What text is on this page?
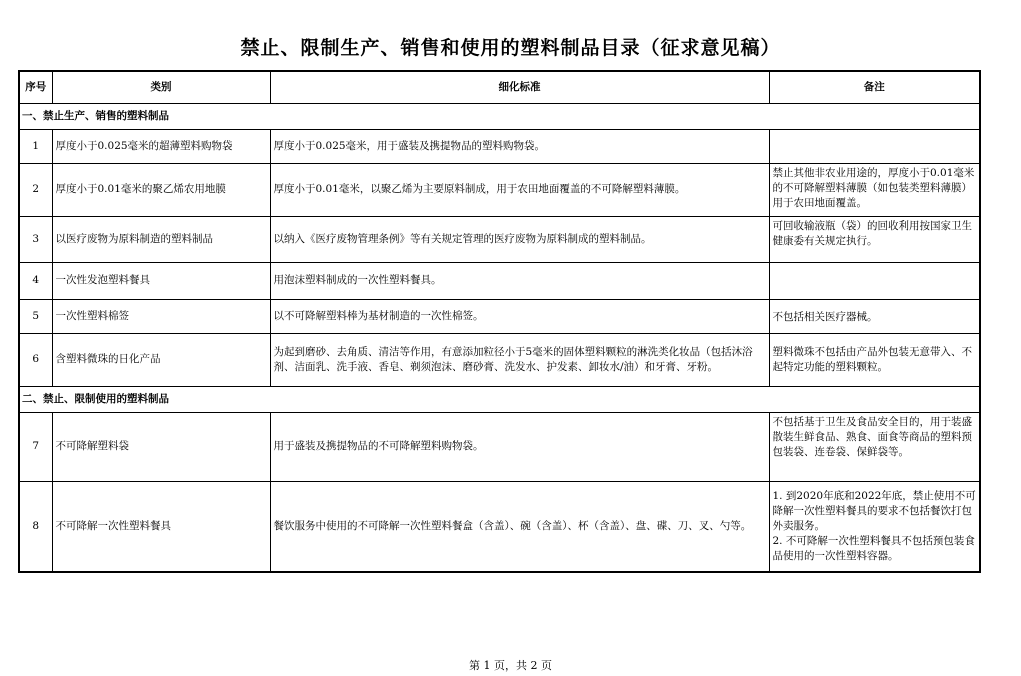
禁止、限制生产、销售和使用的塑料制品目录（征求意见稿）
序号	类别	细化标准	备注
一、禁止生产、销售的塑料制品			
1	厚度小于0.025毫米的超薄塑料购物袋	厚度小于0.025毫米，用于盛装及携提物品的塑料购物袋。	
2	厚度小于0.01毫米的聚乙烯农用地膜	厚度小于0.01毫米，以聚乙烯为主要原料制成，用于农田地面覆盖的不可降解塑料薄膜。	禁止其他非农业用途的，厚度小于0.01毫米的不可降解塑料薄膜（如包装类塑料薄膜）用于农田地面覆盖。
3	以医疗废物为原料制造的塑料制品	以纳入《医疗废物管理条例》等有关规定管理的医疗废物为原料制成的塑料制品。	可回收输液瓶（袋）的回收利用按国家卫生健康委有关规定执行。
4	一次性发泡塑料餐具	用泡沫塑料制成的一次性塑料餐具。	
5	一次性塑料棉签	以不可降解塑料棒为基材制造的一次性棉签。	不包括相关医疗器械。
6	含塑料微珠的日化产品	为起到磨砂、去角质、清洁等作用，有意添加粒径小于5毫米的固体塑料颗粒的淋洗类化妆品（包括沐浴剂、洁面乳、洗手液、香皂、剃须泡沫、磨砂膏、洗发水、护发素、卸妆水/油）和牙膏、牙粉。	塑料微珠不包括由产品外包装无意带入、不起特定功能的塑料颗粒。
二、禁止、限制使用的塑料制品			
7	不可降解塑料袋	用于盛装及携提物品的不可降解塑料购物袋。	不包括基于卫生及食品安全目的，用于装盛散装生鲜食品、熟食、面食等商品的塑料预包装袋、连卷袋、保鲜袋等。
8	不可降解一次性塑料餐具	餐饮服务中使用的不可降解一次性塑料餐盒（含盖）、碗（含盖）、杯（含盖）、盘、碟、刀、叉、勺等。	1. 到2020年底和2022年底，禁止使用不可降解一次性塑料餐具的要求不包括餐饮打包外卖服务。
2. 不可降解一次性塑料餐具不包括预包装食品使用的一次性塑料容器。
第 1 页，共 2 页
